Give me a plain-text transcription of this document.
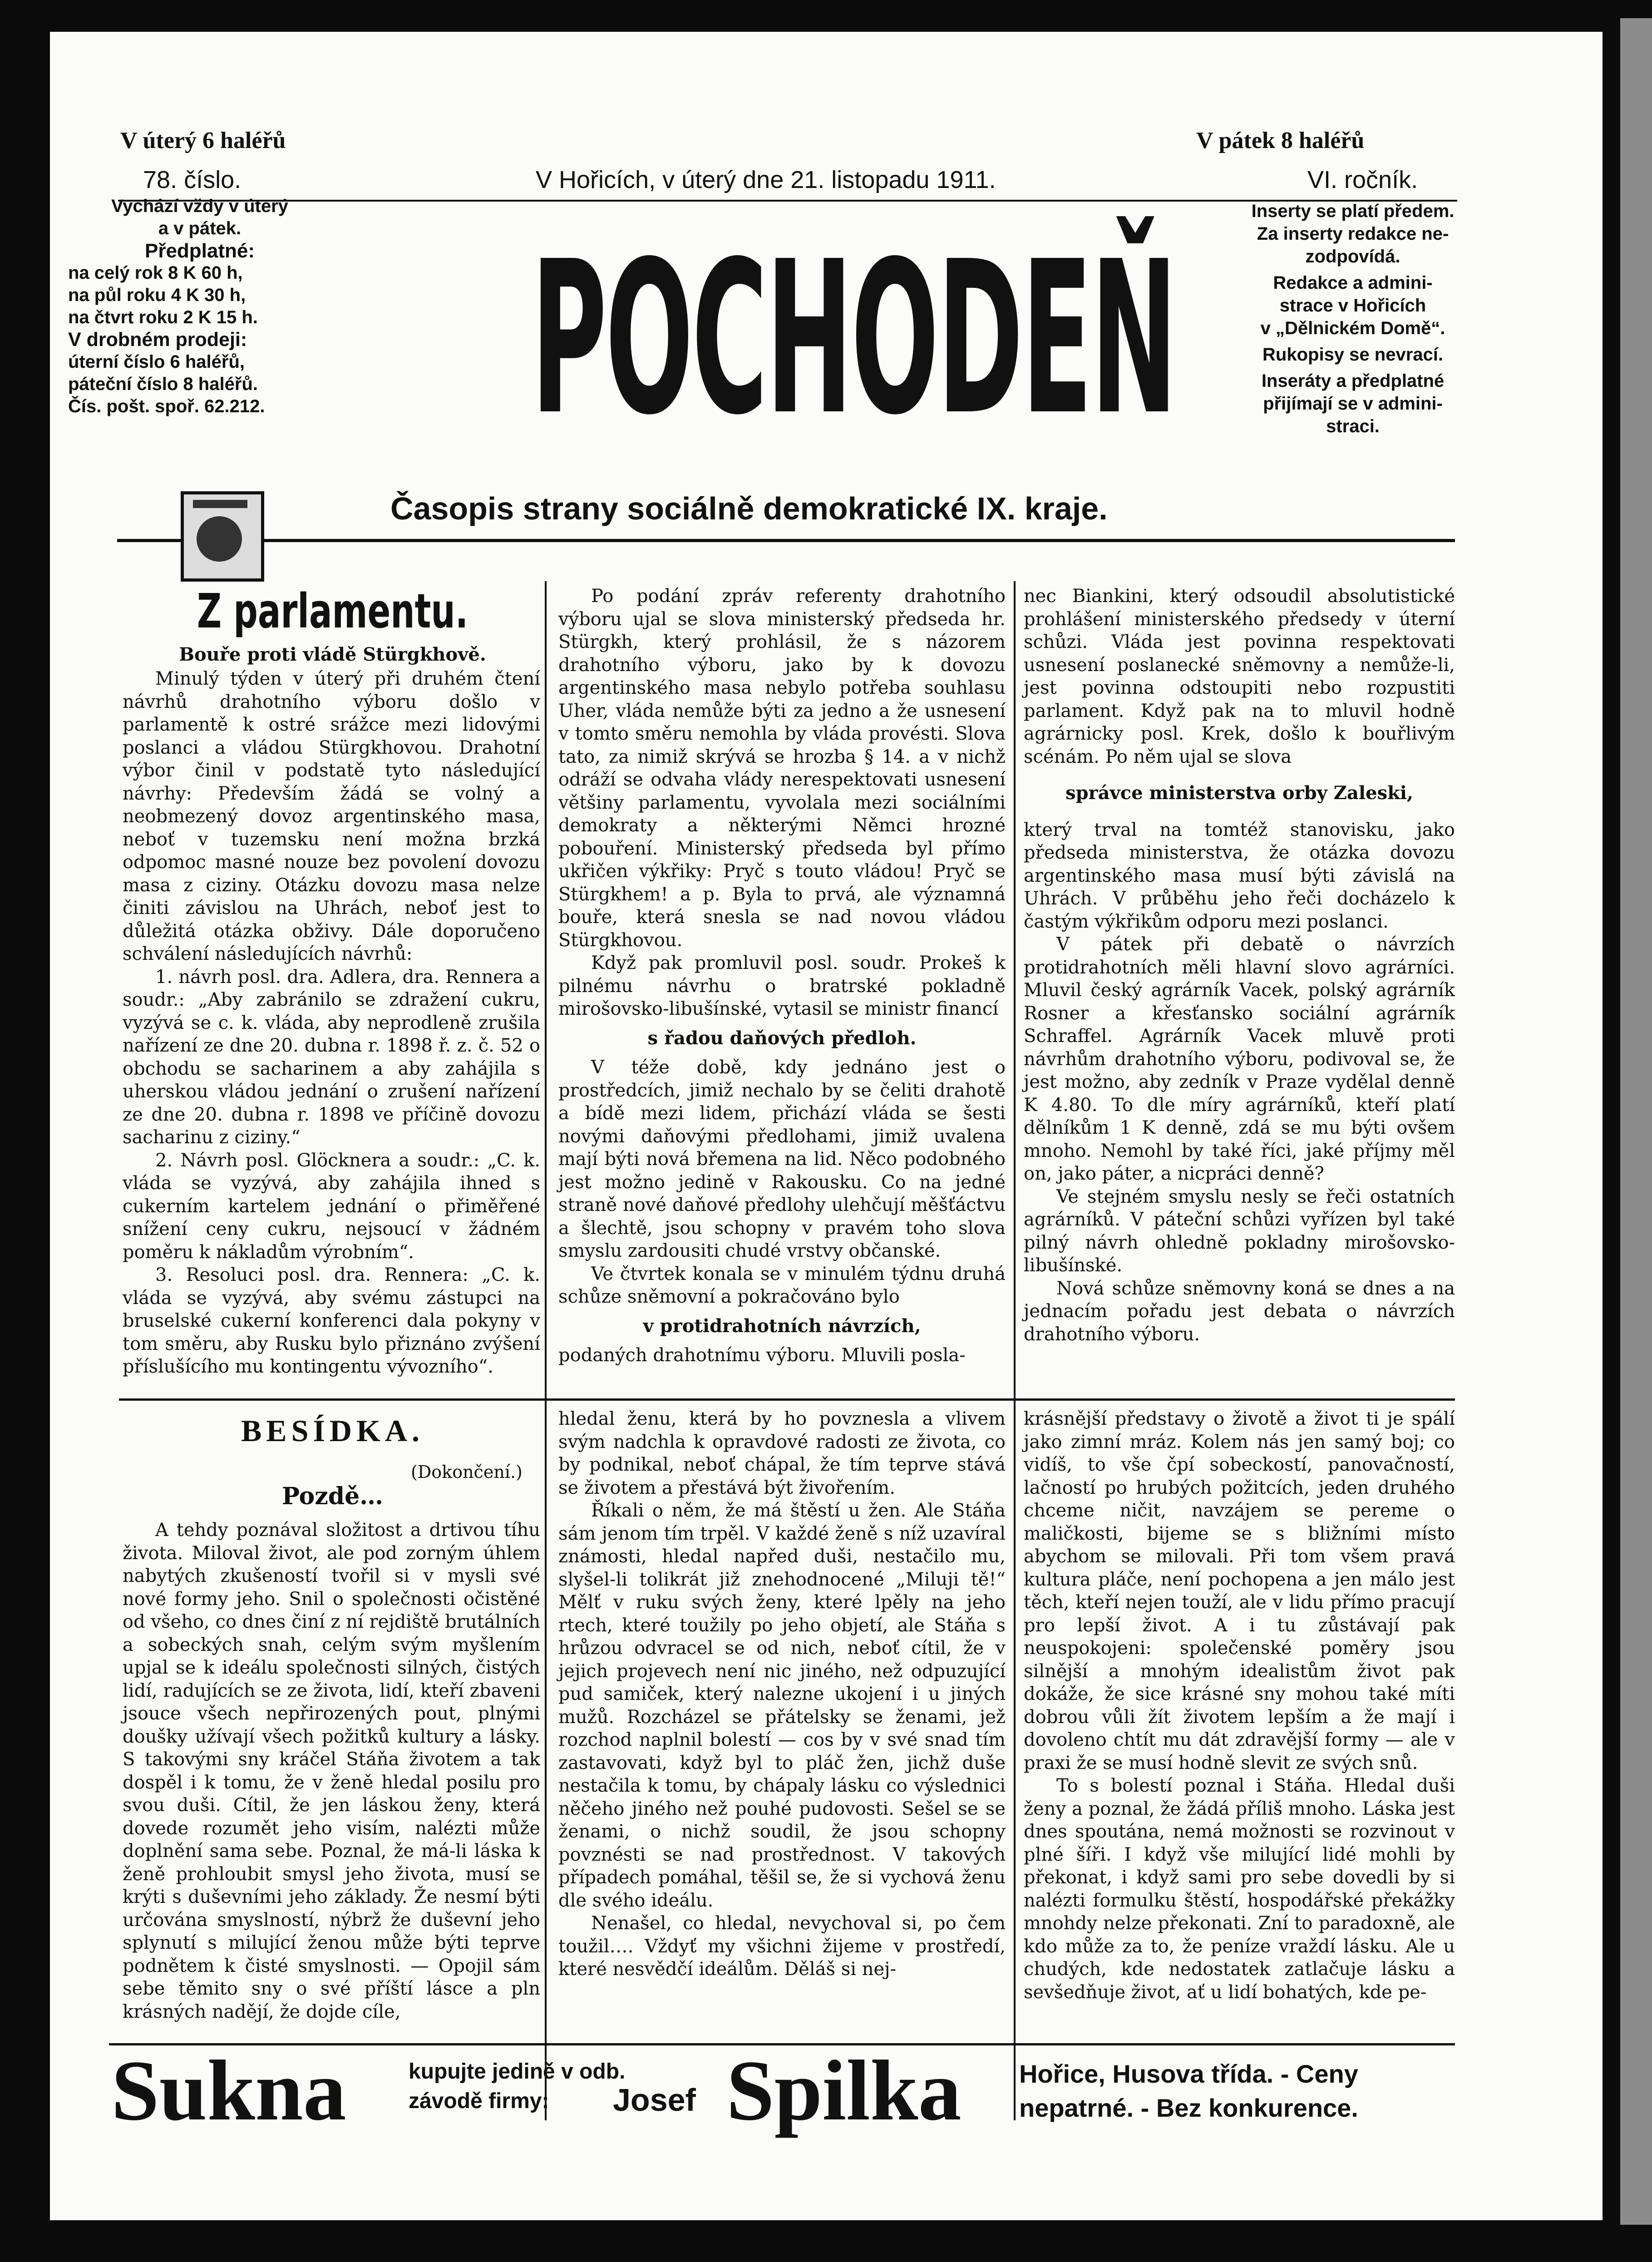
V úterý 6 haléřů	V pátek 8 haléřů
78. číslo.	V Hořicích, v úterý dne 21. listopadu 1911.	VI. ročník.
Vychází vždy v úterý
a v pátek.
Předplatné:
na celý rok 8 K 60 h,
na půl roku 4 K 30 h,
na čtvrt roku 2 K 15 h.
V drobném prodeji:
úterní číslo 6 haléřů,
páteční číslo 8 haléřů.
Čís. pošt. spoř. 62.212.	POCHODEŇ
Časopis strany sociálně demokratické IX. kraje.
Inserty se platí předem.
Za inserty redakce ne-
zodpovídá.
Redakce a admini-
strace v Hořicích
v „Dělnickém Domě“.
Rukopisy se nevrací.
Inseráty a předplatné
přijímají se v admini-
straci.
Z parlamentu.
Bouře proti vládě Stürgkhově.

Minulý týden v úterý při druhém čtení návrhů drahotního výboru došlo v parlamentě k ostré srážce mezi lidovými poslanci a vládou Stürgkhovou. Drahotní výbor činil v podstatě tyto následující návrhy: Především žádá se volný a neobmezený dovoz argentinského masa, neboť v tuzemsku není možna brzká odpomoc masné nouze bez povolení dovozu masa z ciziny. Otázku dovozu masa nelze činiti závislou na Uhrách, neboť jest to důležitá otázka obživy. Dále doporučeno schválení následujících návrhů:

1. návrh posl. dra. Adlera, dra. Rennera a soudr.: „Aby zabránilo se zdražení cukru, vyzývá se c. k. vláda, aby neprodleně zrušila nařízení ze dne 20. dubna r. 1898 ř. z. č. 52 o obchodu se sacharinem a aby zahájila s uherskou vládou jednání o zrušení nařízení ze dne 20. dubna r. 1898 ve příčině dovozu sacharinu z ciziny.“

2. Návrh posl. Glöcknera a soudr.: „C. k. vláda se vyzývá, aby zahájila ihned s cukerním kartelem jednání o přiměřené snížení ceny cukru, nejsoucí v žádném poměru k nákladům výrobním“.

3. Resoluci posl. dra. Rennera: „C. k. vláda se vyzývá, aby svému zástupci na bruselské cukerní konferenci dala pokyny v tom směru, aby Rusku bylo přiznáno zvýšení příslušícího mu kontingentu vývozního“.

Po podání zpráv referenty drahotního výboru ujal se slova ministerský předseda hr. Stürgkh, který prohlásil, že s názorem drahotního výboru, jako by k dovozu argentinského masa nebylo potřeba souhlasu Uher, vláda nemůže býti za jedno a že usnesení v tomto směru nemohla by vláda provésti. Slova tato, za nimiž skrývá se hrozba § 14. a v nichž odráží se odvaha vlády nerespektovati usnesení většiny parlamentu, vyvolala mezi sociálními demokraty a některými Němci hrozné pobouření. Ministerský předseda byl přímo ukřičen výkřiky: Pryč s touto vládou! Pryč se Stürgkhem! a p. Byla to prvá, ale významná bouře, která snesla se nad novou vládou Stürgkhovou.

Když pak promluvil posl. soudr. Prokeš k pilnému návrhu o bratrské pokladně mirošovsko-libušínské, vytasil se ministr financí

s řadou daňových předloh.

V téže době, kdy jednáno jest o prostředcích, jimiž nechalo by se čeliti drahotě a bídě mezi lidem, přichází vláda se šesti novými daňovými předlohami, jimiž uvalena mají býti nová břemena na lid. Něco podobného jest možno jedině v Rakousku. Co na jedné straně nové daňové předlohy ulehčují měšťáctvu a šlechtě, jsou schopny v pravém toho slova smyslu zardousiti chudé vrstvy občanské.

Ve čtvrtek konala se v minulém týdnu druhá schůze sněmovní a pokračováno bylo

v protidrahotních návrzích,

podaných drahotnímu výboru. Mluvili posla-

nec Biankini, který odsoudil absolutistické prohlášení ministerského předsedy v úterní schůzi. Vláda jest povinna respektovati usnesení poslanecké sněmovny a nemůže-li, jest povinna odstoupiti nebo rozpustiti parlament. Když pak na to mluvil hodně agrárnicky posl. Krek, došlo k bouřlivým scénám. Po něm ujal se slova

správce ministerstva orby Zaleski,

který trval na tomtéž stanovisku, jako předseda ministerstva, že otázka dovozu argentinského masa musí býti závislá na Uhrách. V průběhu jeho řeči docházelo k častým výkřikům odporu mezi poslanci.

V pátek při debatě o návrzích protidrahotních měli hlavní slovo agrárníci. Mluvil český agrárník Vacek, polský agrárník Rosner a křesťansko sociální agrárník Schraffel. Agrárník Vacek mluvě proti návrhům drahotního výboru, podivoval se, že jest možno, aby zedník v Praze vydělal denně K 4.80. To dle míry agrárníků, kteří platí dělníkům 1 K denně, zdá se mu býti ovšem mnoho. Nemohl by také říci, jaké příjmy měl on, jako páter, a nicpráci denně?

Ve stejném smyslu nesly se řeči ostatních agrárníků. V páteční schůzi vyřízen byl také pilný návrh ohledně pokladny mirošovsko-libušínské.

Nová schůze sněmovny koná se dnes a na jednacím pořadu jest debata o návrzích drahotního výboru.

BESÍDKA.
(Dokončení.)
Pozdě…

A tehdy poznával složitost a drtivou tíhu života. Miloval život, ale pod zorným úhlem nabytých zkušeností tvořil si v mysli své nové formy jeho. Snil o společnosti očistěné od všeho, co dnes činí z ní rejdiště brutálních a sobeckých snah, celým svým myšlením upjal se k ideálu společnosti silných, čistých lidí, radujících se ze života, lidí, kteří zbaveni jsouce všech nepřirozených pout, plnými doušky užívají všech požitků kultury a lásky. S takovými sny kráčel Stáňa životem a tak dospěl i k tomu, že v ženě hledal posilu pro svou duši. Cítil, že jen láskou ženy, která dovede rozumět jeho visím, nalézti může doplnění sama sebe. Poznal, že má-li láska k ženě prohloubit smysl jeho života, musí se krýti s duševními jeho základy. Že nesmí býti určována smyslností, nýbrž že duševní jeho splynutí s milující ženou může býti teprve podnětem k čisté smyslnosti. — Opojil sám sebe těmito sny o své příští lásce a pln krásných nadějí, že dojde cíle,

hledal ženu, která by ho povznesla a vlivem svým nadchla k opravdové radosti ze života, co by podnikal, neboť chápal, že tím teprve stává se životem a přestává být živořením.

Říkali o něm, že má štěstí u žen. Ale Stáňa sám jenom tím trpěl. V každé ženě s níž uzavíral známosti, hledal napřed duši, nestačilo mu, slyšel-li tolikrát již znehodnocené „Miluji tě!“ Mělť v ruku svých ženy, které lpěly na jeho rtech, které toužily po jeho objetí, ale Stáňa s hrůzou odvracel se od nich, neboť cítil, že v jejich projevech není nic jiného, než odpuzující pud samiček, který nalezne ukojení i u jiných mužů. Rozcházel se přátelsky se ženami, jež rozchod naplnil bolestí — cos by v své snad tím zastavovati, když byl to pláč žen, jichž duše nestačila k tomu, by chápaly lásku co výslednici něčeho jiného než pouhé pudovosti. Sešel se se ženami, o nichž soudil, že jsou schopny povznésti se nad prostřednost. V takových případech pomáhal, těšil se, že si vychová ženu dle svého ideálu.

Nenašel, co hledal, nevychoval si, po čem toužil…. Vždyť my všichni žijeme v prostředí, které nesvědčí ideálům. Děláš si nej-

krásnější představy o životě a život ti je spálí jako zimní mráz. Kolem nás jen samý boj; co vidíš, to vše čpí sobeckostí, panovačností, lačností po hrubých požitcích, jeden druhého chceme ničit, navzájem se pereme o maličkosti, bijeme se s bližními místo abychom se milovali. Při tom všem pravá kultura pláče, není pochopena a jen málo jest těch, kteří nejen touží, ale v lidu přímo pracují pro lepší život. A i tu zůstávají pak neuspokojeni: společenské poměry jsou silnější a mnohým idealistům život pak dokáže, že sice krásné sny mohou také míti dobrou vůli žít životem lepším a že mají i dovoleno chtít mu dát zdravější formy — ale v praxi že se musí hodně slevit ze svých snů.

To s bolestí poznal i Stáňa. Hledal duši ženy a poznal, že žádá příliš mnoho. Láska jest dnes spoutána, nemá možnosti se rozvinout v plné šíři. I když vše milující lidé mohli by překonat, i když sami pro sebe dovedli by si nalézti formulku štěstí, hospodářské překážky mnohdy nelze překonati. Zní to paradoxně, ale kdo může za to, že peníze vraždí lásku. Ale u chudých, kde nedostatek zatlačuje lásku a sevšedňuje život, ať u lidí bohatých, kde pe-

Sukna	kupujte jedině v odb.
závodě firmy: Josef Spilka Hořice, Husova třída. - Ceny
nepatrné. - Bez konkurence.
